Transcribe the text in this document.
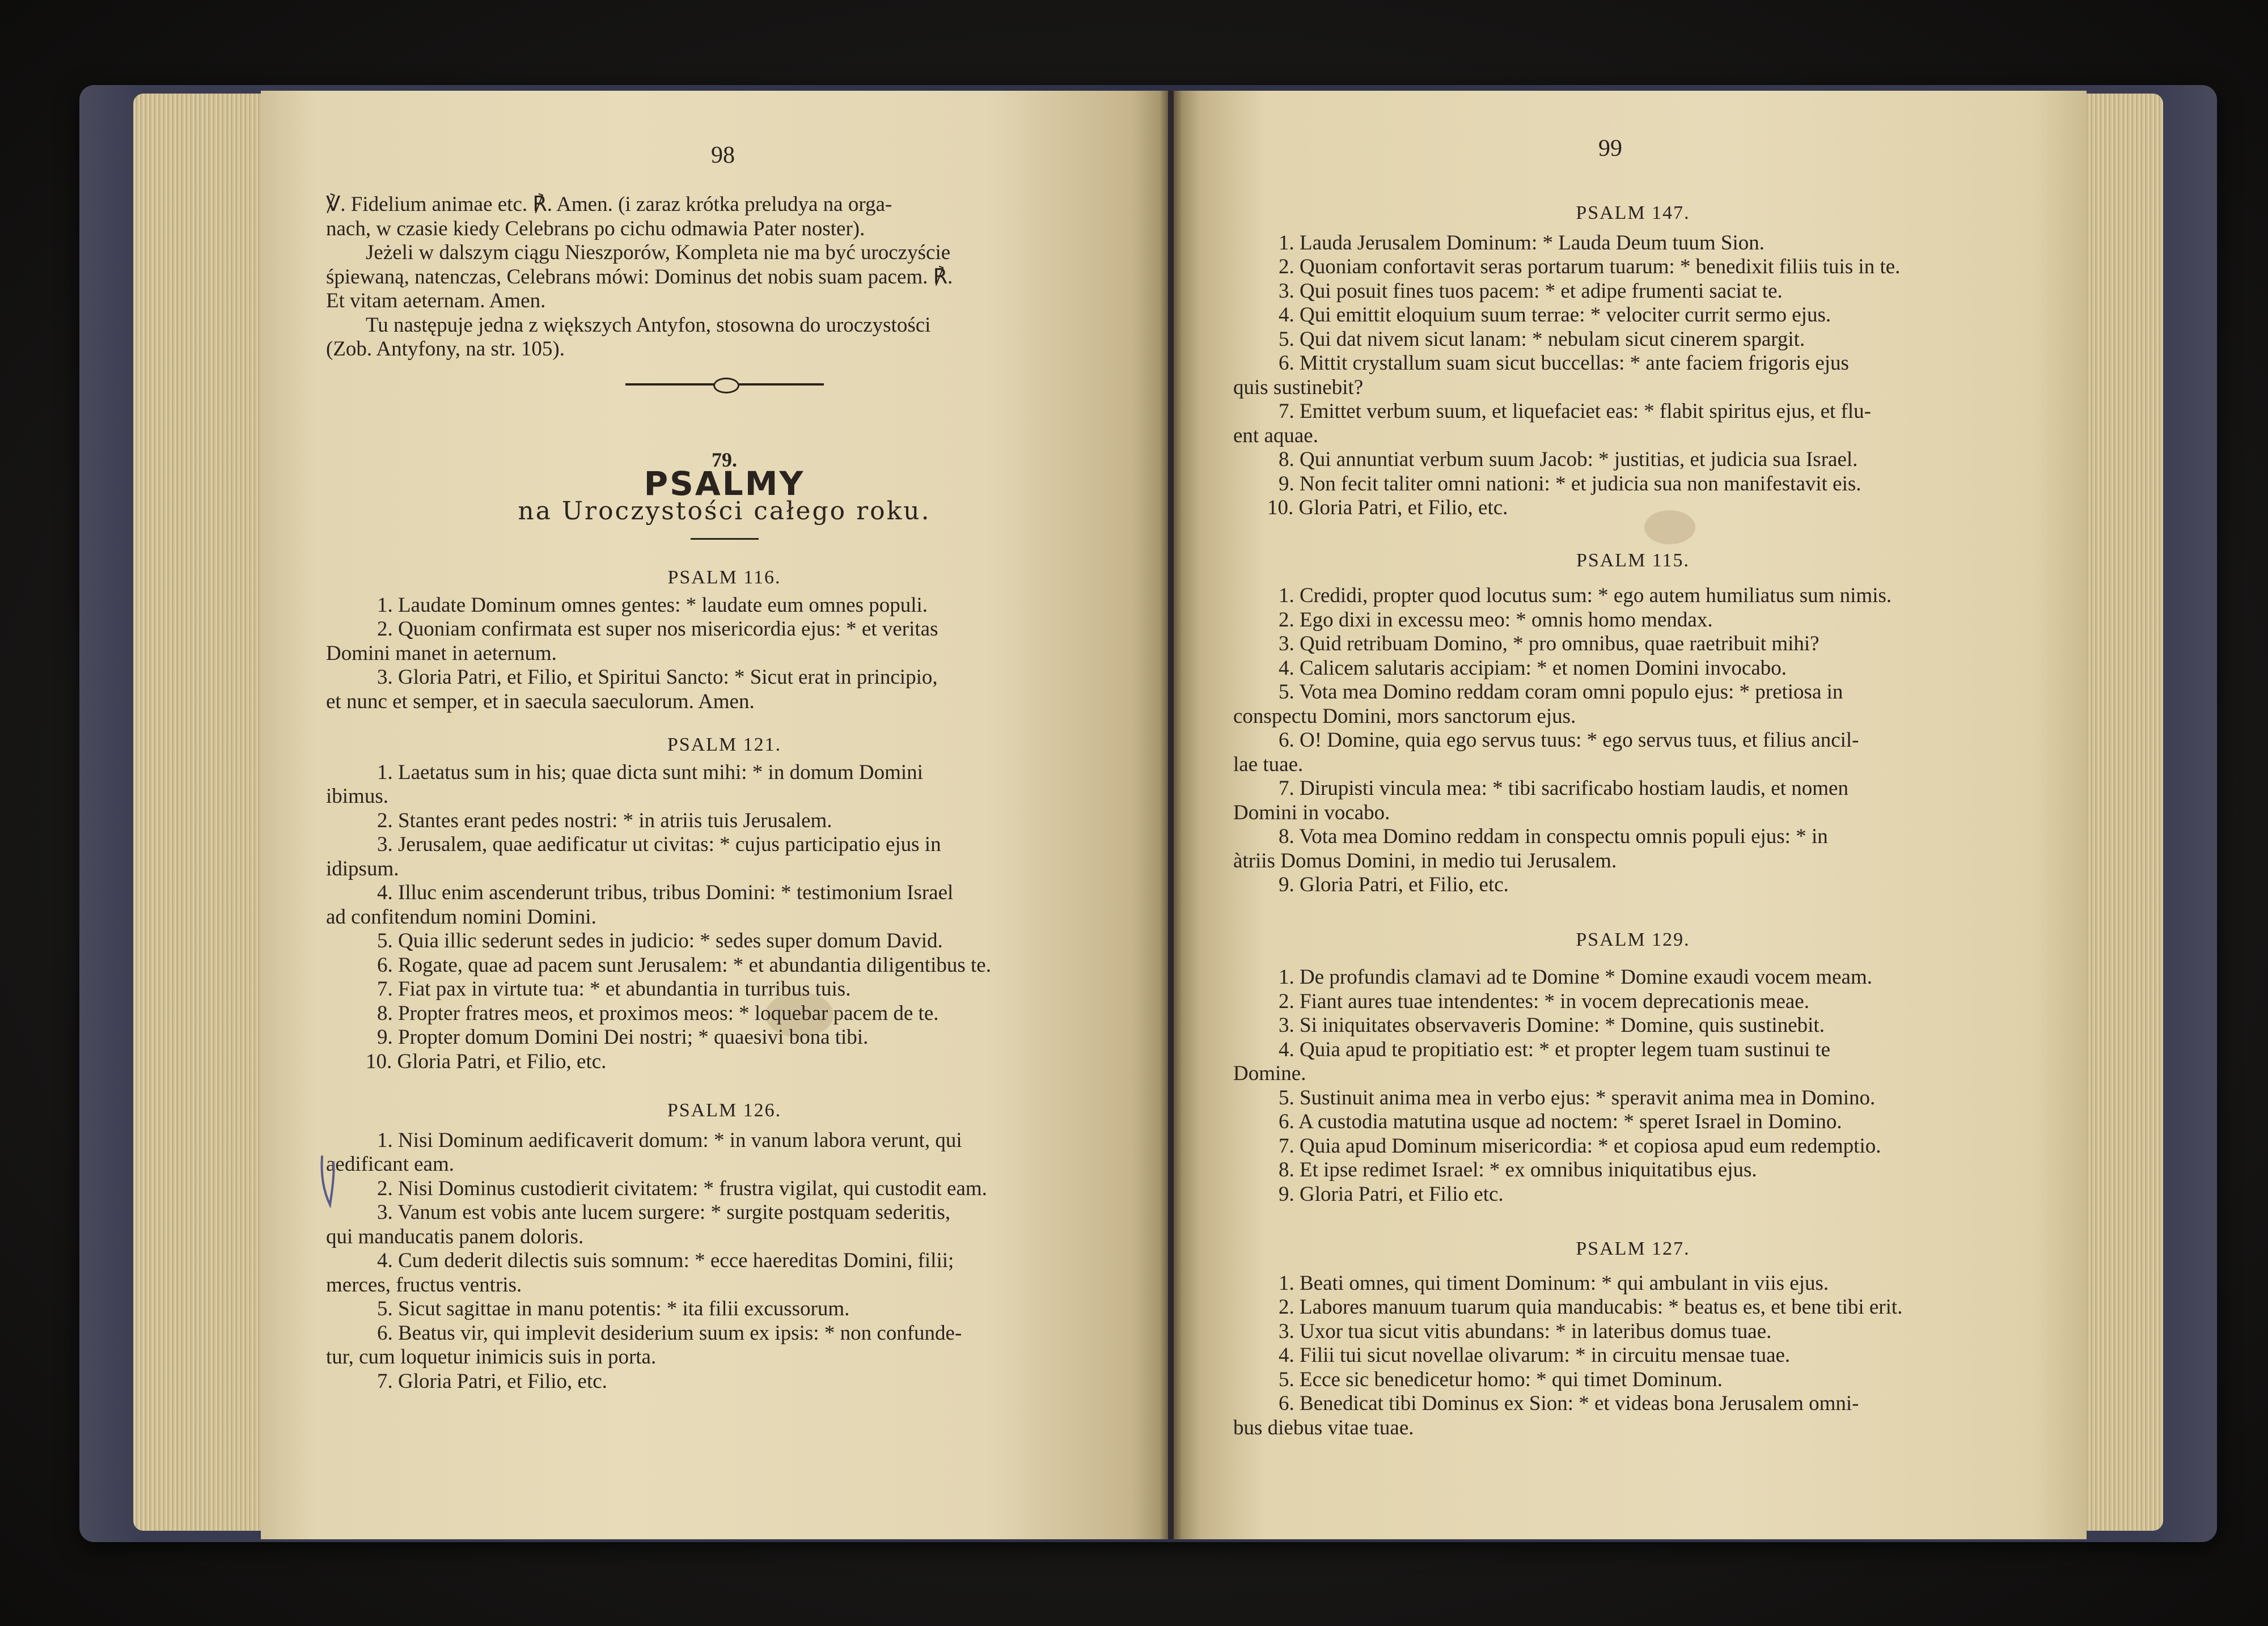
98	99

℣. Fidelium animae etc. ℟. Amen. (i zaraz krótka preludya na orga-

nach, w czasie kiedy Celebrans po cichu odmawia Pater noster).

Jeżeli w dalszym ciągu Nieszporów, Kompleta nie ma być uroczyście

śpiewaną, natenczas, Celebrans mówi: Dominus det nobis suam pacem. ℟.

Et vitam aeternam. Amen.

Tu następuje jedna z większych Antyfon, stosowna do uroczystości

(Zob. Antyfony, na str. 105).

79.

PSALMY

na Uroczystości całego roku.

PSALM 116.

1. Laudate Dominum omnes gentes: * laudate eum omnes populi.

2. Quoniam confirmata est super nos misericordia ejus: * et veritas

Domini manet in aeternum.

3. Gloria Patri, et Filio, et Spiritui Sancto: * Sicut erat in principio,

et nunc et semper, et in saecula saeculorum. Amen.

PSALM 121.

1. Laetatus sum in his; quae dicta sunt mihi: * in domum Domini

ibimus.

2. Stantes erant pedes nostri: * in atriis tuis Jerusalem.

3. Jerusalem, quae aedificatur ut civitas: * cujus participatio ejus in

idipsum.

4. Illuc enim ascenderunt tribus, tribus Domini: * testimonium Israel

ad confitendum nomini Domini.

5. Quia illic sederunt sedes in judicio: * sedes super domum David.

6. Rogate, quae ad pacem sunt Jerusalem: * et abundantia diligentibus te.

7. Fiat pax in virtute tua: * et abundantia in turribus tuis.

8. Propter fratres meos, et proximos meos: * loquebar pacem de te.

9. Propter domum Domini Dei nostri; * quaesivi bona tibi.

10. Gloria Patri, et Filio, etc.

PSALM 126.

1. Nisi Dominum aedificaverit domum: * in vanum labora verunt, qui

aedificant eam.

2. Nisi Dominus custodierit civitatem: * frustra vigilat, qui custodit eam.

3. Vanum est vobis ante lucem surgere: * surgite postquam sederitis,

qui manducatis panem doloris.

4. Cum dederit dilectis suis somnum: * ecce haereditas Domini, filii;

merces, fructus ventris.

5. Sicut sagittae in manu potentis: * ita filii excussorum.

6. Beatus vir, qui implevit desiderium suum ex ipsis: * non confunde-

tur, cum loquetur inimicis suis in porta.

7. Gloria Patri, et Filio, etc.

PSALM 147.

1. Lauda Jerusalem Dominum: * Lauda Deum tuum Sion.

2. Quoniam confortavit seras portarum tuarum: * benedixit filiis tuis in te.

3. Qui posuit fines tuos pacem: * et adipe frumenti saciat te.

4. Qui emittit eloquium suum terrae: * velociter currit sermo ejus.

5. Qui dat nivem sicut lanam: * nebulam sicut cinerem spargit.

6. Mittit crystallum suam sicut buccellas: * ante faciem frigoris ejus

quis sustinebit?

7. Emittet verbum suum, et liquefaciet eas: * flabit spiritus ejus, et flu-

ent aquae.

8. Qui annuntiat verbum suum Jacob: * justitias, et judicia sua Israel.

9. Non fecit taliter omni nationi: * et judicia sua non manifestavit eis.

10. Gloria Patri, et Filio, etc.

PSALM 115.

1. Credidi, propter quod locutus sum: * ego autem humiliatus sum nimis.

2. Ego dixi in excessu meo: * omnis homo mendax.

3. Quid retribuam Domino, * pro omnibus, quae raetribuit mihi?

4. Calicem salutaris accipiam: * et nomen Domini invocabo.

5. Vota mea Domino reddam coram omni populo ejus: * pretiosa in

conspectu Domini, mors sanctorum ejus.

6. O! Domine, quia ego servus tuus: * ego servus tuus, et filius ancil-

lae tuae.

7. Dirupisti vincula mea: * tibi sacrificabo hostiam laudis, et nomen

Domini in vocabo.

8. Vota mea Domino reddam in conspectu omnis populi ejus: * in

àtriis Domus Domini, in medio tui Jerusalem.

9. Gloria Patri, et Filio, etc.

PSALM 129.

1. De profundis clamavi ad te Domine * Domine exaudi vocem meam.

2. Fiant aures tuae intendentes: * in vocem deprecationis meae.

3. Si iniquitates observaveris Domine: * Domine, quis sustinebit.

4. Quia apud te propitiatio est: * et propter legem tuam sustinui te

Domine.

5. Sustinuit anima mea in verbo ejus: * speravit anima mea in Domino.

6. A custodia matutina usque ad noctem: * speret Israel in Domino.

7. Quia apud Dominum misericordia: * et copiosa apud eum redemptio.

8. Et ipse redimet Israel: * ex omnibus iniquitatibus ejus.

9. Gloria Patri, et Filio etc.

PSALM 127.

1. Beati omnes, qui timent Dominum: * qui ambulant in viis ejus.

2. Labores manuum tuarum quia manducabis: * beatus es, et bene tibi erit.

3. Uxor tua sicut vitis abundans: * in lateribus domus tuae.

4. Filii tui sicut novellae olivarum: * in circuitu mensae tuae.

5. Ecce sic benedicetur homo: * qui timet Dominum.

6. Benedicat tibi Dominus ex Sion: * et videas bona Jerusalem omni-

bus diebus vitae tuae.
